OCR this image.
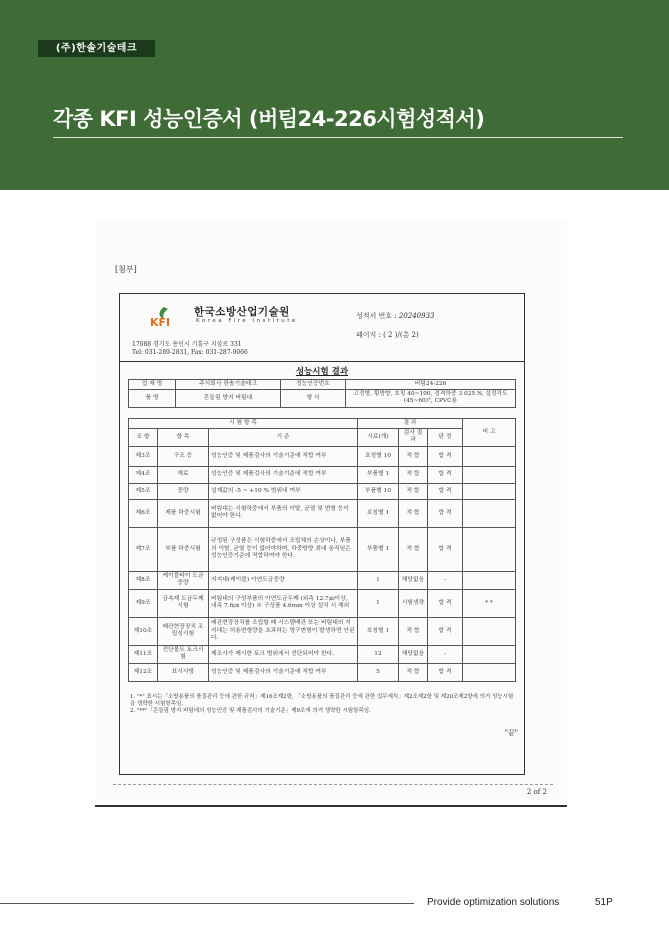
(주)한솔기술테크
각종 KFI 성능인증서 (버팀24-226시험성적서)
[첨부]
KFI
한국소방산업기술원
Korea Fire Institute
17088 경기도 용인시 기흥구 지삼로 331
Tel: 031-289-2831, Fax: 031-287-9066
성적서 번호 : 20240933
페이지 : ( 2 )/(총 2)
성능시험 결과
업 체 명	주식회사 한솔기술테크	성능인증번호	버팀24-226
품 명	흔들림 방지 버팀대	형 식	고정형, 횡방향, 호칭 40~100, 정격하중 3 025 N, 설정각도 (45~60)°, CPVC용
시 험 항 목			결 과			비 고
조 항	항 목	기 준	시료(개)	검사 결과	판 정	
제3조	구조 등	성능인증 및 제품검사의 기술기준에 적합 여부	호칭별 10	적 합	합 격	
제4조	재료	성능인증 및 제품검사의 기술기준에 적합 여부	부품별 1	적 합	합 격	
제5조	중량	설계값의 -5 ~ +10 % 범위내 여부	부품별 10	적 합	합 격	
제6조	제품 하중시험	버팀대는 시험하중에서 부품의 이탈, 균열 및 변형 등이 없어야 한다.	호칭별 1	적 합	합 격	
제7조	부품 하중시험	규정된 구성품은 시험하중에서 조립체의 손상이나, 부품의 이탈, 균열 등이 없어야하며, 하중방향 최대 움직임은 성능인증기준에 적합하여야 한다.	부품별 1	적 합	합 격	
제8조	케이블타이 도금 중량	지지대(케이블) 아연도금중량	1	해당없음	-	
제9조	금속재 도금두께시험	버팀대의 구성부품의 아연도금두께 (외측 12.7㎛이상, 내측 7.6㎛ 이상) ※ 구성품 4.6mm 이상 설치 시 해외	1	시험생략	합 격	* *
제10조	배관현장장치 조립성시험	배관현장장치를 조립할 때 시스템배관 또는 버팀대의 지지대는 허용변형량을 초과하는 영구변형이 발생하면 안된다.	호칭별 1	적 합	합 격	
제11조	전단볼트 토크시험	제조사가 제시한 토크 범위에서 전단되어야 한다.	12	해당없음	-	
제12조	표시사항	성능인증 및 제품검사의 기술기준에 적합 여부	5	적 합	합 격	
1. "*" 표시는「소방용품의 품질관리 등에 관한 규칙」제16조제2항, 「소방용품의 품질관리 등에 관한 업무세칙」제2조제2항 및 제20조제2항에 의거 성능시험을 생략한 시험항목임.
2. "**"「흔들림 방지 버팀대의 성능인증 및 제품검사의 기술기준」제9조에 의거 생략한 시험항목임.
"끝"
2 of 2
Provide optimization solutions	51P
